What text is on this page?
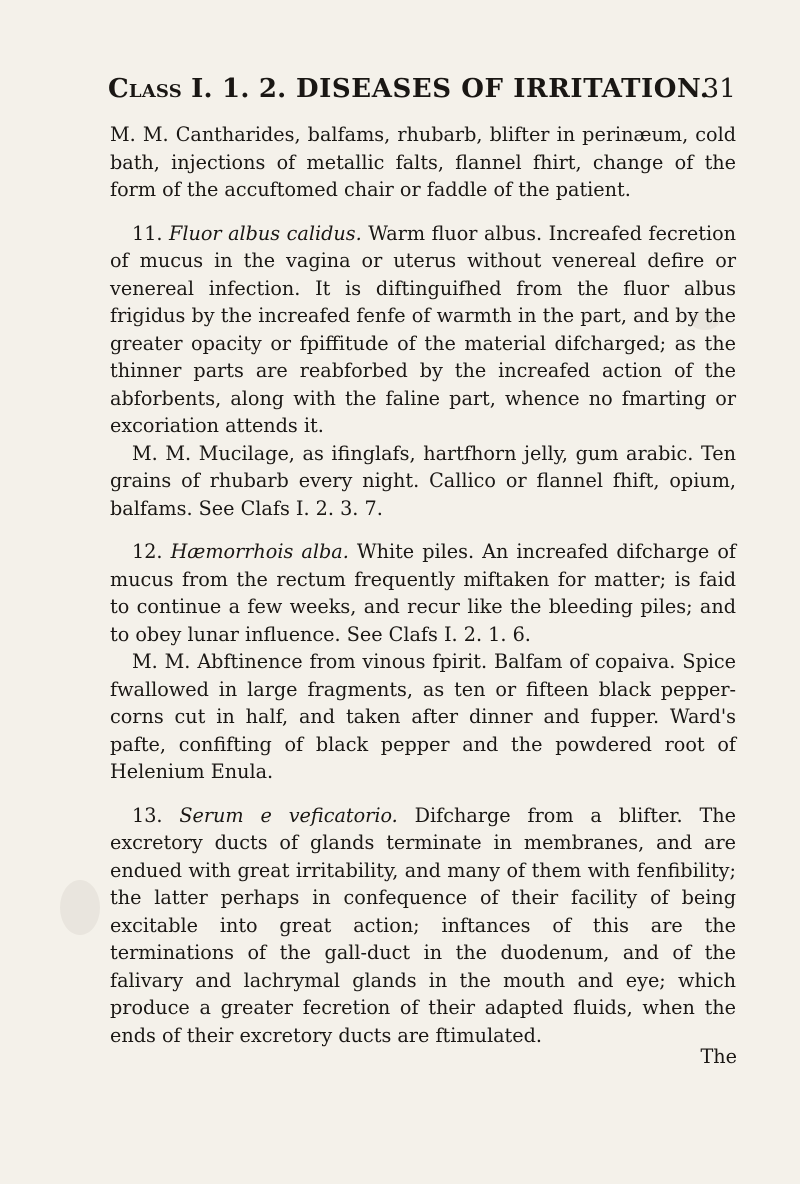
Class I. 1. 2. DISEASES OF IRRITATION.
31

M. M. Cantharides, balfams, rhubarb, blifter in perinæum, cold bath, injections of metallic falts, flannel fhirt, change of the form of the accuftomed chair or faddle of the patient.

11. Fluor albus calidus. Warm fluor albus. Increafed fecretion of mucus in the vagina or uterus without venereal defire or venereal infection. It is diftinguifhed from the fluor albus frigidus by the increafed fenfe of warmth in the part, and by the greater opacity or fpiffitude of the material difcharged; as the thinner parts are reabforbed by the increafed action of the abforbents, along with the faline part, whence no fmarting or excoriation attends it.

M. M. Mucilage, as ifinglafs, hartfhorn jelly, gum arabic. Ten grains of rhubarb every night. Callico or flannel fhift, opium, balfams. See Clafs I. 2. 3. 7.

12. Hæmorrhois alba. White piles. An increafed difcharge of mucus from the rectum frequently miftaken for matter; is faid to continue a few weeks, and recur like the bleeding piles; and to obey lunar influence. See Clafs I. 2. 1. 6.

M. M. Abftinence from vinous fpirit. Balfam of copaiva. Spice fwallowed in large fragments, as ten or fifteen black pepper-corns cut in half, and taken after dinner and fupper. Ward's pafte, confifting of black pepper and the powdered root of Helenium Enula.

13. Serum e veficatorio. Difcharge from a blifter. The excretory ducts of glands terminate in membranes, and are endued with great irritability, and many of them with fenfibility; the latter perhaps in confequence of their facility of being excitable into great action; inftances of this are the terminations of the gall-duct in the duodenum, and of the falivary and lachrymal glands in the mouth and eye; which produce a greater fecretion of their adapted fluids, when the ends of their excretory ducts are ftimulated.

The
